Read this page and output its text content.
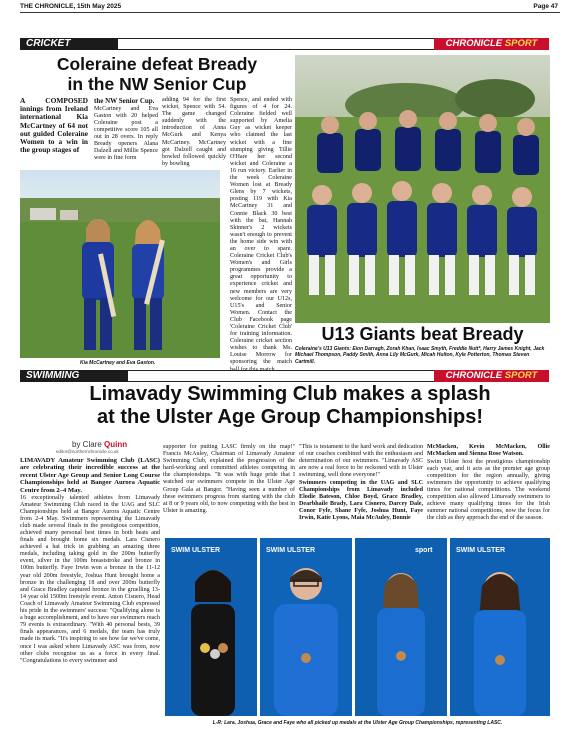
THE CHRONICLE, 15th May 2025	Page 47
CRICKET	CHRONICLE SPORT
Coleraine defeat Bready
in the NW Senior Cup
A COMPOSED innings from Ireland international Kia McCartney of 64 not out guided Coleraine Women to a win in the group stages of

the NW Senior Cup.

McCartney and Eva Gaston with 20 helped Coleraine post a competitive score 105 all out in 28 overs. In reply Bready openers Alana Dalzell and Millie Spence were in fine form

adding 94 for the first wicket, Spence with 54. The game changed suddenly with the introduction of Anna McGurk and Kenya McCartney. McCartney got Dalzell caught and bowled followed quickly by bowling
Spence, and ended with figures of 4 for 24. Coleraine fielded well supported by Amelia Guy as wicket keeper who claimed the last wicket with a fine stumping giving Tillie O'Hare her second wicket and Coleraine a 16 run victory. Earlier in the week Coleraine Women lost at Bready Glens by 7 wickets, posting 119 with Kia McCartney 31 and Connie Black 30 best with the bat, Hannah Skinner's 2 wickets wasn't enough to prevent the home side win with an over to spare. Coleraine Cricket Club's Women's and Girls programmes provide a great opportunity to experience cricket and new members are very welcome for our U12s, U15's and Senior Women. Contact the Club Facebook page 'Coleraine Cricket Club' for training information. Coleraine cricket section wishes to thank Ms. Louise Morrow for sponsoring the match ball for this match.
Kia McCartney and Eva Gaston.
U13 Giants beat Bready
Coleraine's U13 Giants: Eion Darragh, Zorah Khan, Isaac Smyth, Freddie Nutt*, Harry James Knight, Jack Michael Thompson, Paddy Smith, Anna Lily McGurk, Micah Hulton, Kyle Potterton, Thomas Steven Cartmill.
SWIMMING	CHRONICLE SPORT
Limavady Swimming Club makes a splash
at the Ulster Age Group Championships!
by Clare Quinn
editor@northernchronicle.co.uk

LIMAVADY Amateur Swimming Club (LASC) are celebrating their incredible success at the recent Ulster Age Group and Senior Long Course Championships held at Bangor Aurora Aquatic Centre from 2–4 May.

16 exceptionally talented athletes from Limavady Amateur Swimming Club raced in the UAG and SLC Championships held at Bangor Aurora Aquatic Centre from 2-4 May. Swimmers representing the Limavady club made several finals in the prestigious competition, achieved many personal best times in both heats and finals and brought home six medals. Lara Cisnero achieved a hat trick in grabbing an amazing three medals, including taking gold in the 200m butterfly event, silver in the 100m breaststroke and bronze in 100m butterfly. Faye Irwin won a bronze in the 11-12 year old 200m freestyle, Joshua Hunt brought home a bronze in the challenging 18 and over 200m butterfly and Grace Bradley captured bronze in the gruelling 13-14 year old 1500m freestyle event. Anton Cisnero, Head Coach of Limavady Amateur Swimming Club expressed his pride in the swimmers' success: "Qualifying alone is a huge accomplishment, and to have our swimmers reach 79 events is extraordinary. "With 40 personal bests, 39 finals appearances, and 6 medals, the team has truly made its mark. "It's inspiring to see how far we've come, once I was asked where Limavady ASC was from, now other clubs recognise us as a force in every final. "Congratulations to every swimmer and

supporter for putting LASC firmly on the map!" Francis McAuley, Chairman of Limavady Amateur Swimming Club, explained the progression of the hard-working and committed athletes competing in the championships. "It was with huge pride that I watched our swimmers compete in the Ulster Age Group Gala at Bangor. "Having seen a number of these swimmers progress from starting with the club at 8 or 9 years old, to now competing with the best in Ulster is amazing.

"This is testament to the hard work and dedication of our coaches combined with the enthusiasm and determination of our swimmers. "Limavady ASC are now a real force to be reckoned with in Ulster swimming, well done everyone!"

Swimmers competing in the UAG and SLC Championships from Limavady included Elodie Bateson, Chloe Boyd, Grace Bradley, Dearbhaile Brady, Lara Cisnero, Darcey Dale, Conor Fyfe, Shane Fyfe, Joshua Hunt, Faye Irwin, Katie Lyons, Maia McAuley, Bonnie

McMacken, Kevin McMacken, Ollie McMacken and Sienna Rose Watson.

Swim Ulster host the prestigious championship each year, and it acts as the premier age group competition for the region annually, giving swimmers the opportunity to achieve qualifying times for national competitions. The weekend competition also allowed Limavady swimmers to achieve many qualifying times for the Irish summer national competitions, now the focus for the club as they approach the end of the season.

SWIM ULSTER	SWIM ULSTER	sport	SWIM ULSTER
L-R: Lara, Joshua, Grace and Faye who all picked up medals at the Ulster Age Group Championships, representing LASC.
